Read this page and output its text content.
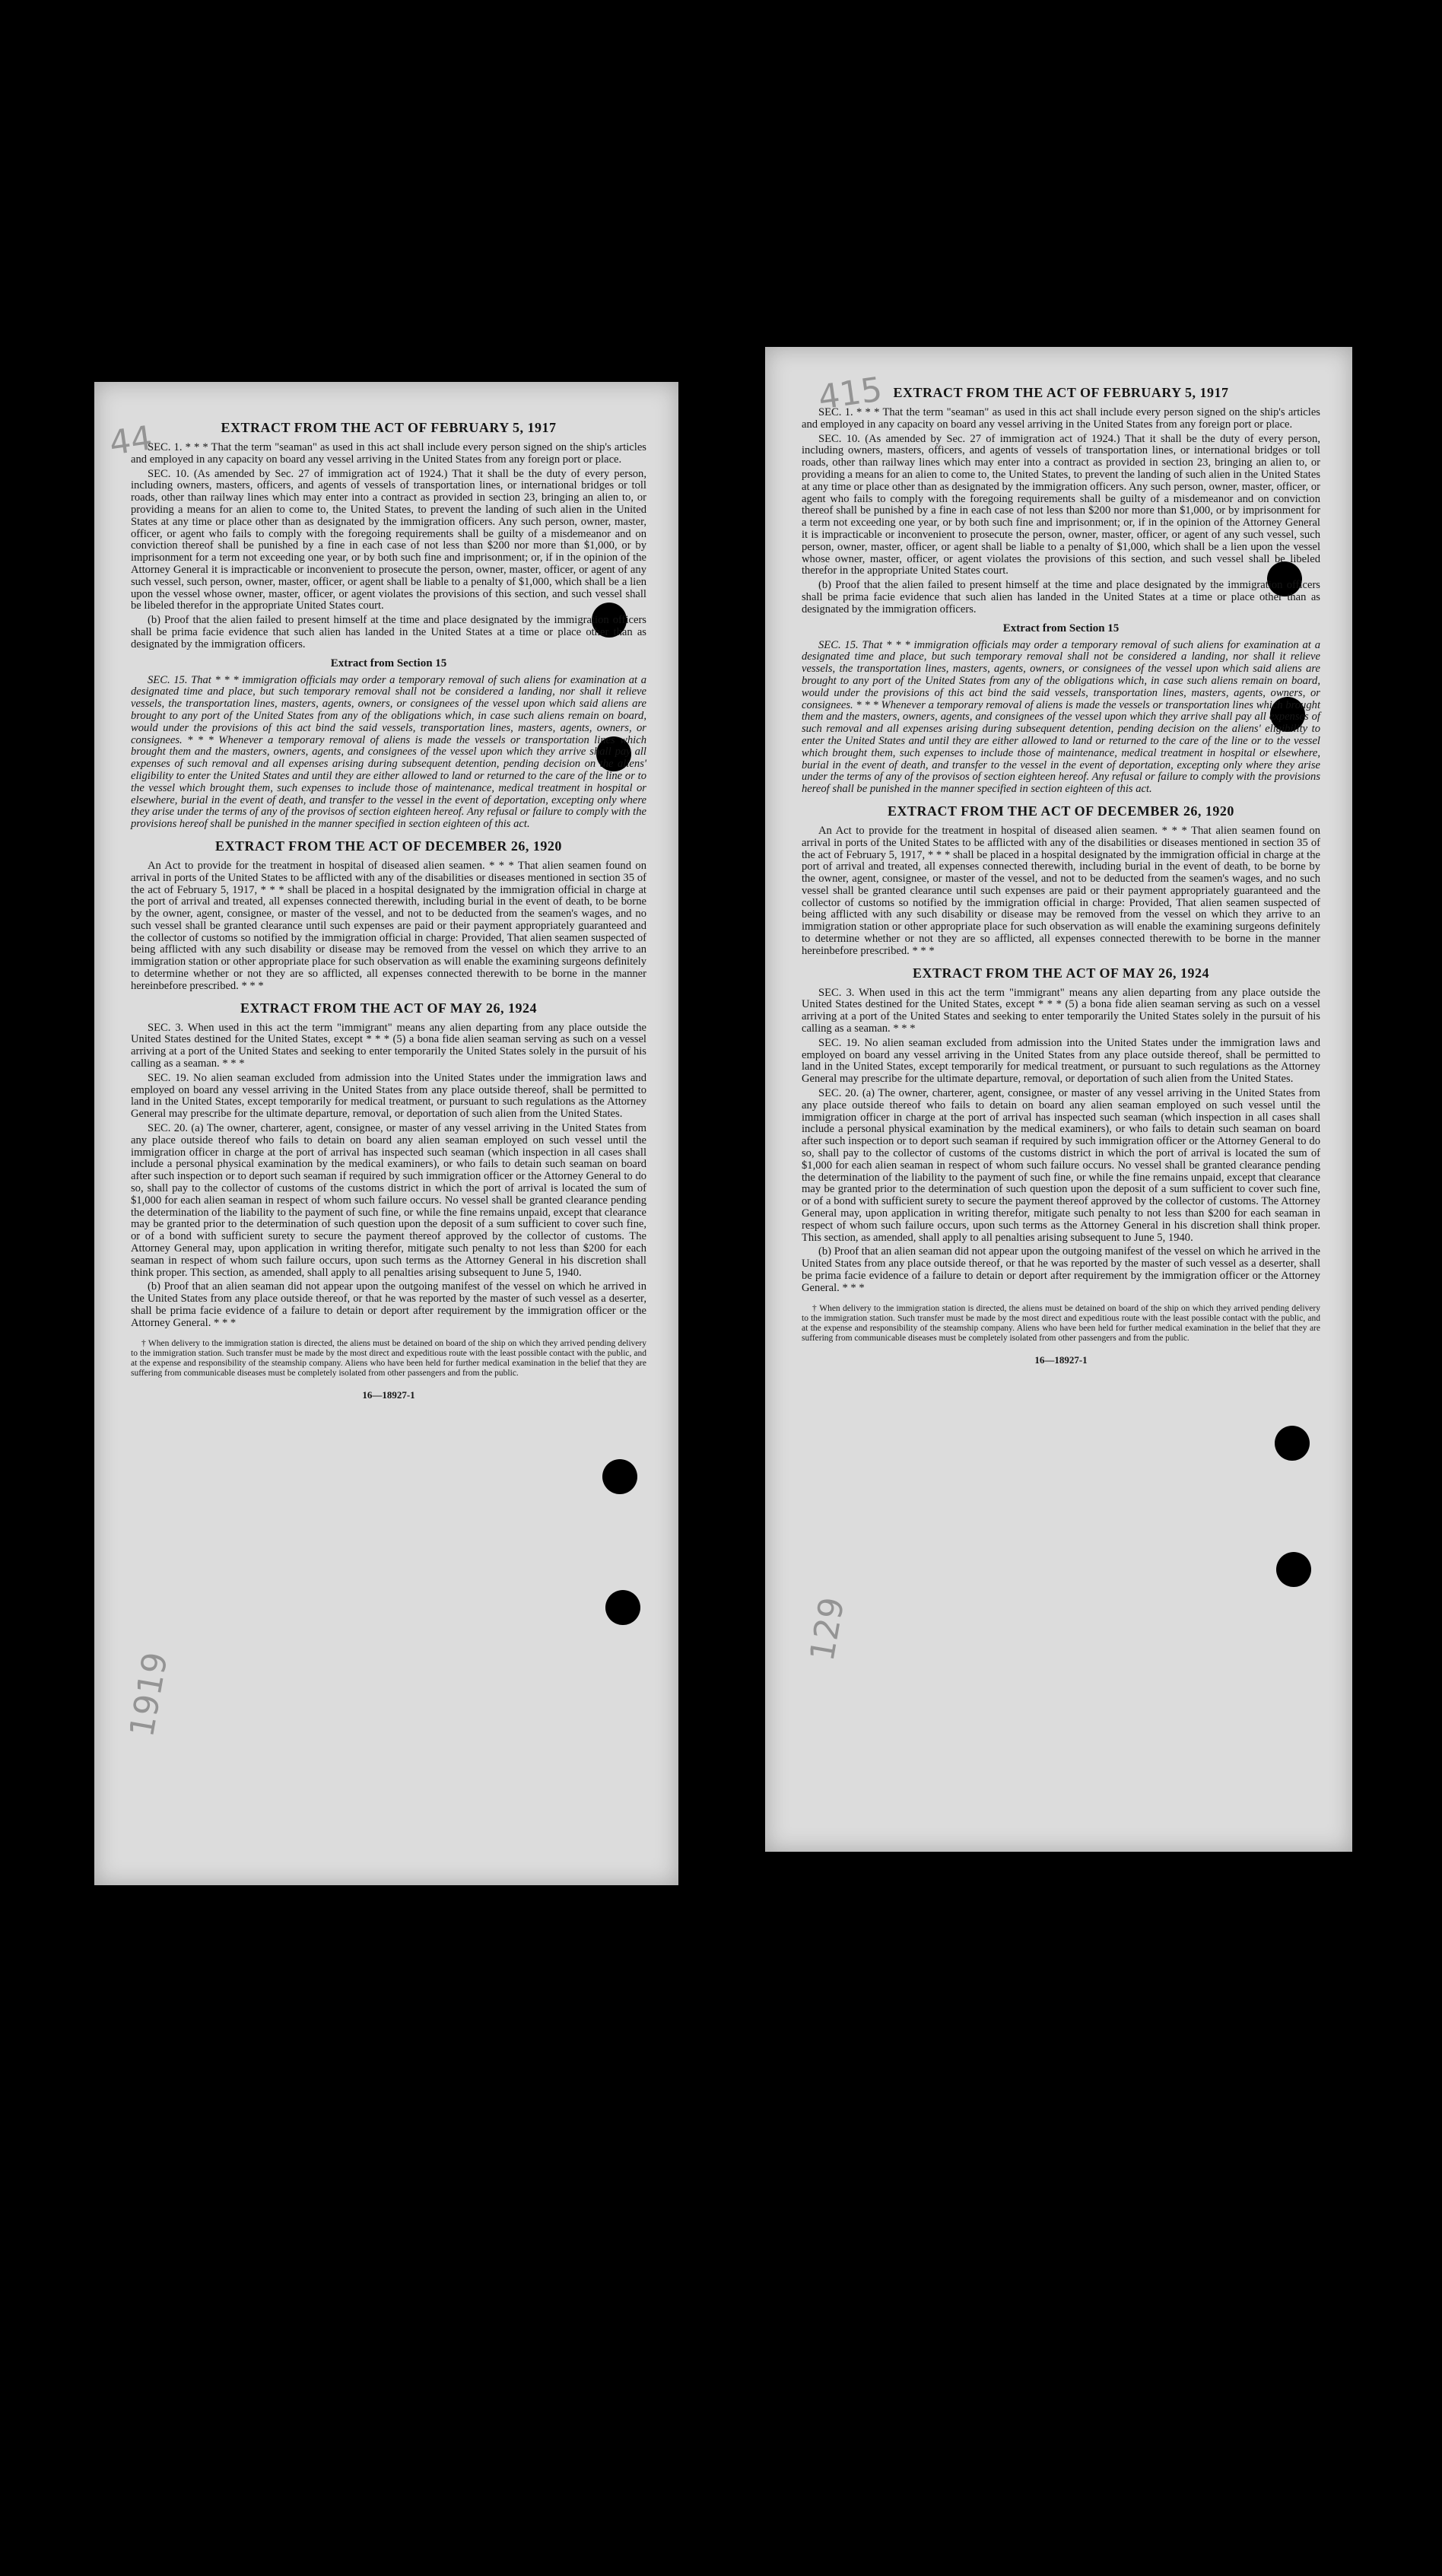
44
1919
EXTRACT FROM THE ACT OF FEBRUARY 5, 1917

SEC. 1. * * * That the term "seaman" as used in this act shall include every person signed on the ship's articles and employed in any capacity on board any vessel arriving in the United States from any foreign port or place.

SEC. 10. (As amended by Sec. 27 of immigration act of 1924.) That it shall be the duty of every person, including owners, masters, officers, and agents of vessels of transportation lines, or international bridges or toll roads, other than railway lines which may enter into a contract as provided in section 23, bringing an alien to, or providing a means for an alien to come to, the United States, to prevent the landing of such alien in the United States at any time or place other than as designated by the immigration officers. Any such person, owner, master, officer, or agent who fails to comply with the foregoing requirements shall be guilty of a misdemeanor and on conviction thereof shall be punished by a fine in each case of not less than $200 nor more than $1,000, or by imprisonment for a term not exceeding one year, or by both such fine and imprisonment; or, if in the opinion of the Attorney General it is impracticable or inconvenient to prosecute the person, owner, master, officer, or agent of any such vessel, such person, owner, master, officer, or agent shall be liable to a penalty of $1,000, which shall be a lien upon the vessel whose owner, master, officer, or agent violates the provisions of this section, and such vessel shall be libeled therefor in the appropriate United States court.

(b) Proof that the alien failed to present himself at the time and place designated by the immigration officers shall be prima facie evidence that such alien has landed in the United States at a time or place other than as designated by the immigration officers.

Extract from Section 15

SEC. 15. That * * * immigration officials may order a temporary removal of such aliens for examination at a designated time and place, but such temporary removal shall not be considered a landing, nor shall it relieve vessels, the transportation lines, masters, agents, owners, or consignees of the vessel upon which said aliens are brought to any port of the United States from any of the obligations which, in case such aliens remain on board, would under the provisions of this act bind the said vessels, transportation lines, masters, agents, owners, or consignees. * * * Whenever a temporary removal of aliens is made the vessels or transportation lines which brought them and the masters, owners, agents, and consignees of the vessel upon which they arrive shall pay all expenses of such removal and all expenses arising during subsequent detention, pending decision on the aliens' eligibility to enter the United States and until they are either allowed to land or returned to the care of the line or to the vessel which brought them, such expenses to include those of maintenance, medical treatment in hospital or elsewhere, burial in the event of death, and transfer to the vessel in the event of deportation, excepting only where they arise under the terms of any of the provisos of section eighteen hereof. Any refusal or failure to comply with the provisions hereof shall be punished in the manner specified in section eighteen of this act.

EXTRACT FROM THE ACT OF DECEMBER 26, 1920

An Act to provide for the treatment in hospital of diseased alien seamen. * * * That alien seamen found on arrival in ports of the United States to be afflicted with any of the disabilities or diseases mentioned in section 35 of the act of February 5, 1917, * * * shall be placed in a hospital designated by the immigration official in charge at the port of arrival and treated, all expenses connected therewith, including burial in the event of death, to be borne by the owner, agent, consignee, or master of the vessel, and not to be deducted from the seamen's wages, and no such vessel shall be granted clearance until such expenses are paid or their payment appropriately guaranteed and the collector of customs so notified by the immigration official in charge: Provided, That alien seamen suspected of being afflicted with any such disability or disease may be removed from the vessel on which they arrive to an immigration station or other appropriate place for such observation as will enable the examining surgeons definitely to determine whether or not they are so afflicted, all expenses connected therewith to be borne in the manner hereinbefore prescribed. * * *

EXTRACT FROM THE ACT OF MAY 26, 1924

SEC. 3. When used in this act the term "immigrant" means any alien departing from any place outside the United States destined for the United States, except * * * (5) a bona fide alien seaman serving as such on a vessel arriving at a port of the United States and seeking to enter temporarily the United States solely in the pursuit of his calling as a seaman. * * *

SEC. 19. No alien seaman excluded from admission into the United States under the immigration laws and employed on board any vessel arriving in the United States from any place outside thereof, shall be permitted to land in the United States, except temporarily for medical treatment, or pursuant to such regulations as the Attorney General may prescribe for the ultimate departure, removal, or deportation of such alien from the United States.

SEC. 20. (a) The owner, charterer, agent, consignee, or master of any vessel arriving in the United States from any place outside thereof who fails to detain on board any alien seaman employed on such vessel until the immigration officer in charge at the port of arrival has inspected such seaman (which inspection in all cases shall include a personal physical examination by the medical examiners), or who fails to detain such seaman on board after such inspection or to deport such seaman if required by such immigration officer or the Attorney General to do so, shall pay to the collector of customs of the customs district in which the port of arrival is located the sum of $1,000 for each alien seaman in respect of whom such failure occurs. No vessel shall be granted clearance pending the determination of the liability to the payment of such fine, or while the fine remains unpaid, except that clearance may be granted prior to the determination of such question upon the deposit of a sum sufficient to cover such fine, or of a bond with sufficient surety to secure the payment thereof approved by the collector of customs. The Attorney General may, upon application in writing therefor, mitigate such penalty to not less than $200 for each seaman in respect of whom such failure occurs, upon such terms as the Attorney General in his discretion shall think proper. This section, as amended, shall apply to all penalties arising subsequent to June 5, 1940.

(b) Proof that an alien seaman did not appear upon the outgoing manifest of the vessel on which he arrived in the United States from any place outside thereof, or that he was reported by the master of such vessel as a deserter, shall be prima facie evidence of a failure to detain or deport after requirement by the immigration officer or the Attorney General. * * *

† When delivery to the immigration station is directed, the aliens must be detained on board of the ship on which they arrived pending delivery to the immigration station. Such transfer must be made by the most direct and expeditious route with the least possible contact with the public, and at the expense and responsibility of the steamship company. Aliens who have been held for further medical examination in the belief that they are suffering from communicable diseases must be completely isolated from other passengers and from the public.

16—18927-1
415
129
EXTRACT FROM THE ACT OF FEBRUARY 5, 1917

SEC. 1. * * * That the term "seaman" as used in this act shall include every person signed on the ship's articles and employed in any capacity on board any vessel arriving in the United States from any foreign port or place.

SEC. 10. (As amended by Sec. 27 of immigration act of 1924.) That it shall be the duty of every person, including owners, masters, officers, and agents of vessels of transportation lines, or international bridges or toll roads, other than railway lines which may enter into a contract as provided in section 23, bringing an alien to, or providing a means for an alien to come to, the United States, to prevent the landing of such alien in the United States at any time or place other than as designated by the immigration officers. Any such person, owner, master, officer, or agent who fails to comply with the foregoing requirements shall be guilty of a misdemeanor and on conviction thereof shall be punished by a fine in each case of not less than $200 nor more than $1,000, or by imprisonment for a term not exceeding one year, or by both such fine and imprisonment; or, if in the opinion of the Attorney General it is impracticable or inconvenient to prosecute the person, owner, master, officer, or agent of any such vessel, such person, owner, master, officer, or agent shall be liable to a penalty of $1,000, which shall be a lien upon the vessel whose owner, master, officer, or agent violates the provisions of this section, and such vessel shall be libeled therefor in the appropriate United States court.

(b) Proof that the alien failed to present himself at the time and place designated by the immigration officers shall be prima facie evidence that such alien has landed in the United States at a time or place other than as designated by the immigration officers.

Extract from Section 15

SEC. 15. That * * * immigration officials may order a temporary removal of such aliens for examination at a designated time and place, but such temporary removal shall not be considered a landing, nor shall it relieve vessels, the transportation lines, masters, agents, owners, or consignees of the vessel upon which said aliens are brought to any port of the United States from any of the obligations which, in case such aliens remain on board, would under the provisions of this act bind the said vessels, transportation lines, masters, agents, owners, or consignees. * * * Whenever a temporary removal of aliens is made the vessels or transportation lines which brought them and the masters, owners, agents, and consignees of the vessel upon which they arrive shall pay all expenses of such removal and all expenses arising during subsequent detention, pending decision on the aliens' eligibility to enter the United States and until they are either allowed to land or returned to the care of the line or to the vessel which brought them, such expenses to include those of maintenance, medical treatment in hospital or elsewhere, burial in the event of death, and transfer to the vessel in the event of deportation, excepting only where they arise under the terms of any of the provisos of section eighteen hereof. Any refusal or failure to comply with the provisions hereof shall be punished in the manner specified in section eighteen of this act.

EXTRACT FROM THE ACT OF DECEMBER 26, 1920

An Act to provide for the treatment in hospital of diseased alien seamen. * * * That alien seamen found on arrival in ports of the United States to be afflicted with any of the disabilities or diseases mentioned in section 35 of the act of February 5, 1917, * * * shall be placed in a hospital designated by the immigration official in charge at the port of arrival and treated, all expenses connected therewith, including burial in the event of death, to be borne by the owner, agent, consignee, or master of the vessel, and not to be deducted from the seamen's wages, and no such vessel shall be granted clearance until such expenses are paid or their payment appropriately guaranteed and the collector of customs so notified by the immigration official in charge: Provided, That alien seamen suspected of being afflicted with any such disability or disease may be removed from the vessel on which they arrive to an immigration station or other appropriate place for such observation as will enable the examining surgeons definitely to determine whether or not they are so afflicted, all expenses connected therewith to be borne in the manner hereinbefore prescribed. * * *

EXTRACT FROM THE ACT OF MAY 26, 1924

SEC. 3. When used in this act the term "immigrant" means any alien departing from any place outside the United States destined for the United States, except * * * (5) a bona fide alien seaman serving as such on a vessel arriving at a port of the United States and seeking to enter temporarily the United States solely in the pursuit of his calling as a seaman. * * *

SEC. 19. No alien seaman excluded from admission into the United States under the immigration laws and employed on board any vessel arriving in the United States from any place outside thereof, shall be permitted to land in the United States, except temporarily for medical treatment, or pursuant to such regulations as the Attorney General may prescribe for the ultimate departure, removal, or deportation of such alien from the United States.

SEC. 20. (a) The owner, charterer, agent, consignee, or master of any vessel arriving in the United States from any place outside thereof who fails to detain on board any alien seaman employed on such vessel until the immigration officer in charge at the port of arrival has inspected such seaman (which inspection in all cases shall include a personal physical examination by the medical examiners), or who fails to detain such seaman on board after such inspection or to deport such seaman if required by such immigration officer or the Attorney General to do so, shall pay to the collector of customs of the customs district in which the port of arrival is located the sum of $1,000 for each alien seaman in respect of whom such failure occurs. No vessel shall be granted clearance pending the determination of the liability to the payment of such fine, or while the fine remains unpaid, except that clearance may be granted prior to the determination of such question upon the deposit of a sum sufficient to cover such fine, or of a bond with sufficient surety to secure the payment thereof approved by the collector of customs. The Attorney General may, upon application in writing therefor, mitigate such penalty to not less than $200 for each seaman in respect of whom such failure occurs, upon such terms as the Attorney General in his discretion shall think proper. This section, as amended, shall apply to all penalties arising subsequent to June 5, 1940.

(b) Proof that an alien seaman did not appear upon the outgoing manifest of the vessel on which he arrived in the United States from any place outside thereof, or that he was reported by the master of such vessel as a deserter, shall be prima facie evidence of a failure to detain or deport after requirement by the immigration officer or the Attorney General. * * *

† When delivery to the immigration station is directed, the aliens must be detained on board of the ship on which they arrived pending delivery to the immigration station. Such transfer must be made by the most direct and expeditious route with the least possible contact with the public, and at the expense and responsibility of the steamship company. Aliens who have been held for further medical examination in the belief that they are suffering from communicable diseases must be completely isolated from other passengers and from the public.

16—18927-1
